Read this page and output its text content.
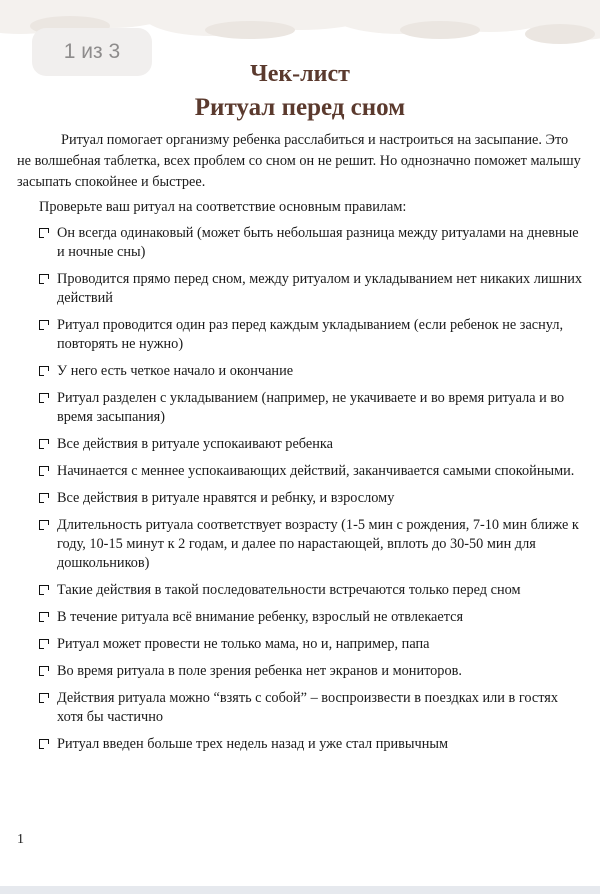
1 из 3
Чек-лист
Ритуал перед сном

Ритуал помогает организму ребенка расслабиться и настроиться на засыпание. Это не волшебная таблетка, всех проблем со сном он не решит. Но однозначно поможет малышу засыпать спокойнее и быстрее.

Проверьте ваш ритуал на соответствие основным правилам:

Он всегда одинаковый (может быть небольшая разница между ритуалами на дневные и ночные сны)
Проводится прямо перед сном, между ритуалом и укладыванием нет никаких лишних действий
Ритуал проводится один раз перед каждым укладыванием (если ребенок не заснул, повторять не нужно)
У него есть четкое начало и окончание
Ритуал разделен с укладыванием (например, не укачиваете и во время ритуала и во время засыпания)
Все действия в ритуале успокаивают ребенка
Начинается с меннее успокаивающих действий, заканчивается самыми спокойными.
Все действия в ритуале нравятся и ребнку, и взрослому
Длительность ритуала соответствует возрасту (1-5 мин с рождения, 7-10 мин ближе к году, 10-15 минут к 2 годам, и далее по нарастающей, вплоть до 30-50 мин для дошкольников)
Такие действия в такой последовательности встречаются только перед сном
В течение ритуала всё внимание ребенку, взрослый не отвлекается
Ритуал может провести не только мама, но и, например, папа
Во время ритуала в поле зрения ребенка нет экранов и мониторов.
Действия ритуала можно “взять с собой” – воспроизвести в поездках или в гостях хотя бы частично
Ритуал введен больше трех недель назад и уже стал привычным

1
